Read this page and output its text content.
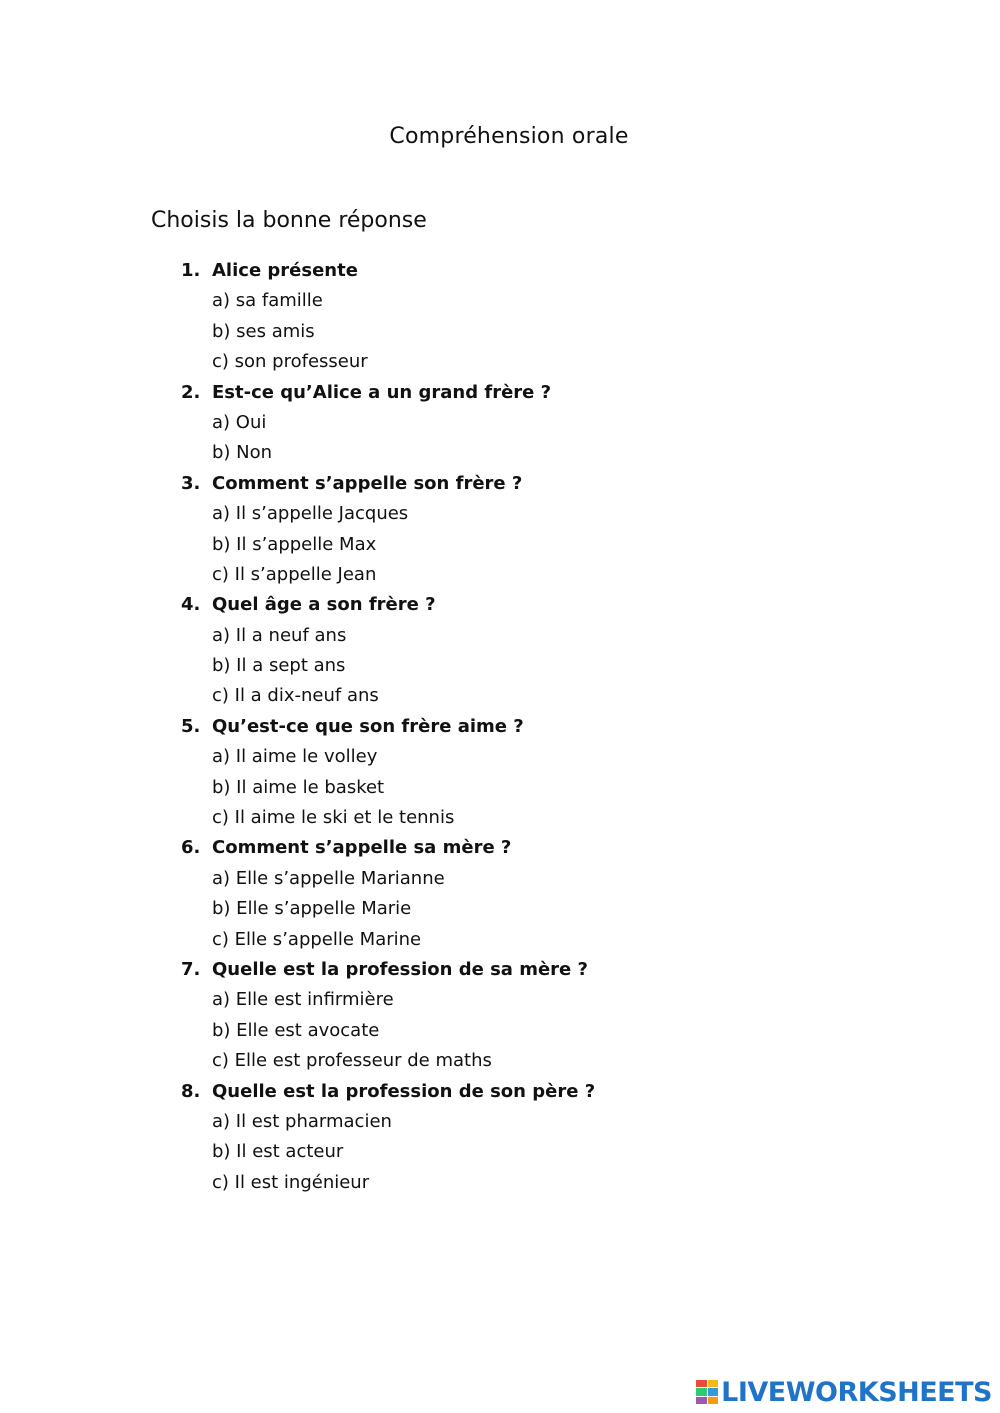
Compréhension orale
Choisis la bonne réponse
1. Alice présente
a) sa famille
b) ses amis
c) son professeur
2. Est-ce qu’Alice a un grand frère ?
a) Oui
b) Non
3. Comment s’appelle son frère ?
a) Il s’appelle Jacques
b) Il s’appelle Max
c) Il s’appelle Jean
4. Quel âge a son frère ?
a) Il a neuf ans
b) Il a sept ans
c) Il a dix-neuf ans
5. Qu’est-ce que son frère aime ?
a) Il aime le volley
b) Il aime le basket
c) Il aime le ski et le tennis
6. Comment s’appelle sa mère ?
a) Elle s’appelle Marianne
b) Elle s’appelle Marie
c) Elle s’appelle Marine
7. Quelle est la profession de sa mère ?
a) Elle est infirmière
b) Elle est avocate
c) Elle est professeur de maths
8. Quelle est la profession de son père ?
a) Il est pharmacien
b) Il est acteur
c) Il est ingénieur
LIVEWORKSHEETS
